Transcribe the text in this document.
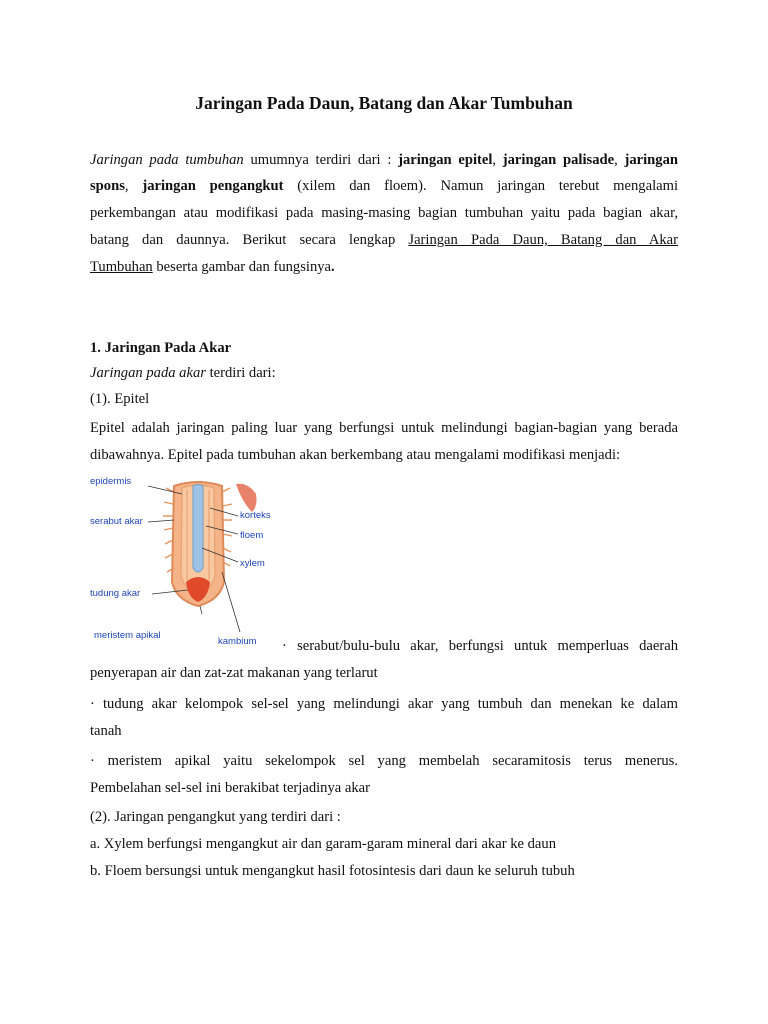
Jaringan Pada Daun, Batang dan Akar Tumbuhan
Jaringan pada tumbuhan umumnya terdiri dari : jaringan epitel, jaringan palisade, jaringan
spons, jaringan pengangkut (xilem dan floem). Namun jaringan terebut mengalami
perkembangan atau modifikasi pada masing-masing bagian tumbuhan yaitu pada bagian akar,
batang dan daunnya. Berikut secara lengkap Jaringan Pada Daun, Batang dan Akar
Tumbuhan beserta gambar dan fungsinya.
1. Jaringan Pada Akar
Jaringan pada akar terdiri dari:
(1). Epitel
Epitel adalah jaringan paling luar yang berfungsi untuk melindungi bagian-bagian yang berada
dibawahnya. Epitel pada tumbuhan akan berkembang atau mengalami modifikasi menjadi:
epidermis
serabut akar
korteks
floem
xylem
tudung akar
meristem apikal
kambium · serabut/bulu-bulu akar, berfungsi untuk memperluas daerah
penyerapan air dan zat-zat makanan yang terlarut
· tudung akar kelompok sel-sel yang melindungi akar yang tumbuh dan menekan ke dalam
tanah
· meristem apikal yaitu sekelompok sel yang membelah secaramitosis terus menerus.
Pembelahan sel-sel ini berakibat terjadinya akar
(2). Jaringan pengangkut yang terdiri dari :
a. Xylem berfungsi mengangkut air dan garam-garam mineral dari akar ke daun
b. Floem bersungsi untuk mengangkut hasil fotosintesis dari daun ke seluruh tubuh
